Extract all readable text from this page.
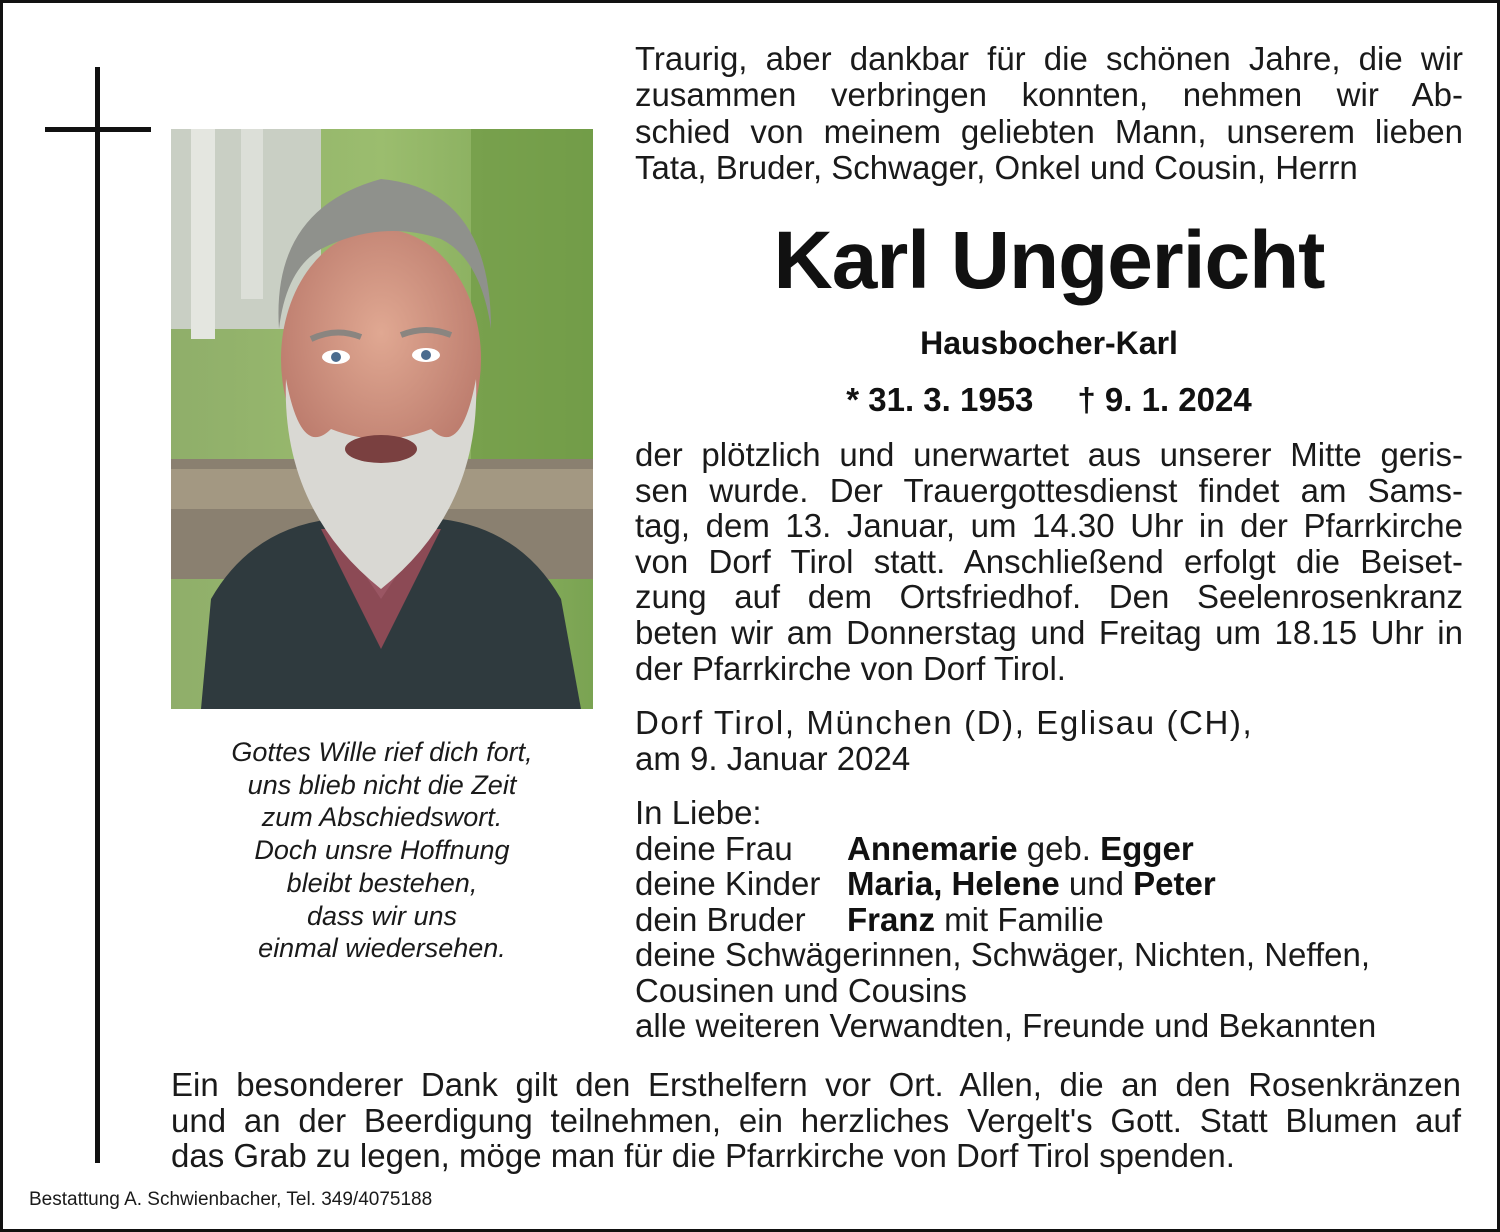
Gottes Wille rief dich fort,
uns blieb nicht die Zeit
zum Abschiedswort.
Doch unsre Hoffnung
bleibt bestehen,
dass wir uns
einmal wiedersehen.
Traurig, aber dankbar für die schönen Jahre, die wir
zusammen verbringen konnten, nehmen wir Ab-
schied von meinem geliebten Mann, unserem lieben
Tata, Bruder, Schwager, Onkel und Cousin, Herrn
Karl Ungericht
Hausbocher-Karl
* 31. 3. 1953 † 9. 1. 2024
der plötzlich und unerwartet aus unserer Mitte geris-
sen wurde. Der Trauergottesdienst findet am Sams-
tag, dem 13. Januar, um 14.30 Uhr in der Pfarrkirche
von Dorf Tirol statt. Anschließend erfolgt die Beiset-
zung auf dem Ortsfriedhof. Den Seelenrosenkranz
beten wir am Donnerstag und Freitag um 18.15 Uhr in
der Pfarrkirche von Dorf Tirol.
Dorf Tirol, München (D), Eglisau (CH),
am 9. Januar 2024
In Liebe:
deine Frau Annemarie geb. Egger
deine Kinder Maria, Helene und Peter
dein Bruder Franz mit Familie
deine Schwägerinnen, Schwäger, Nichten, Neffen,
Cousinen und Cousins
alle weiteren Verwandten, Freunde und Bekannten
Ein besonderer Dank gilt den Ersthelfern vor Ort. Allen, die an den Rosenkränzen
und an der Beerdigung teilnehmen, ein herzliches Vergelt's Gott. Statt Blumen auf
das Grab zu legen, möge man für die Pfarrkirche von Dorf Tirol spenden.
Bestattung A. Schwienbacher, Tel. 349/4075188
